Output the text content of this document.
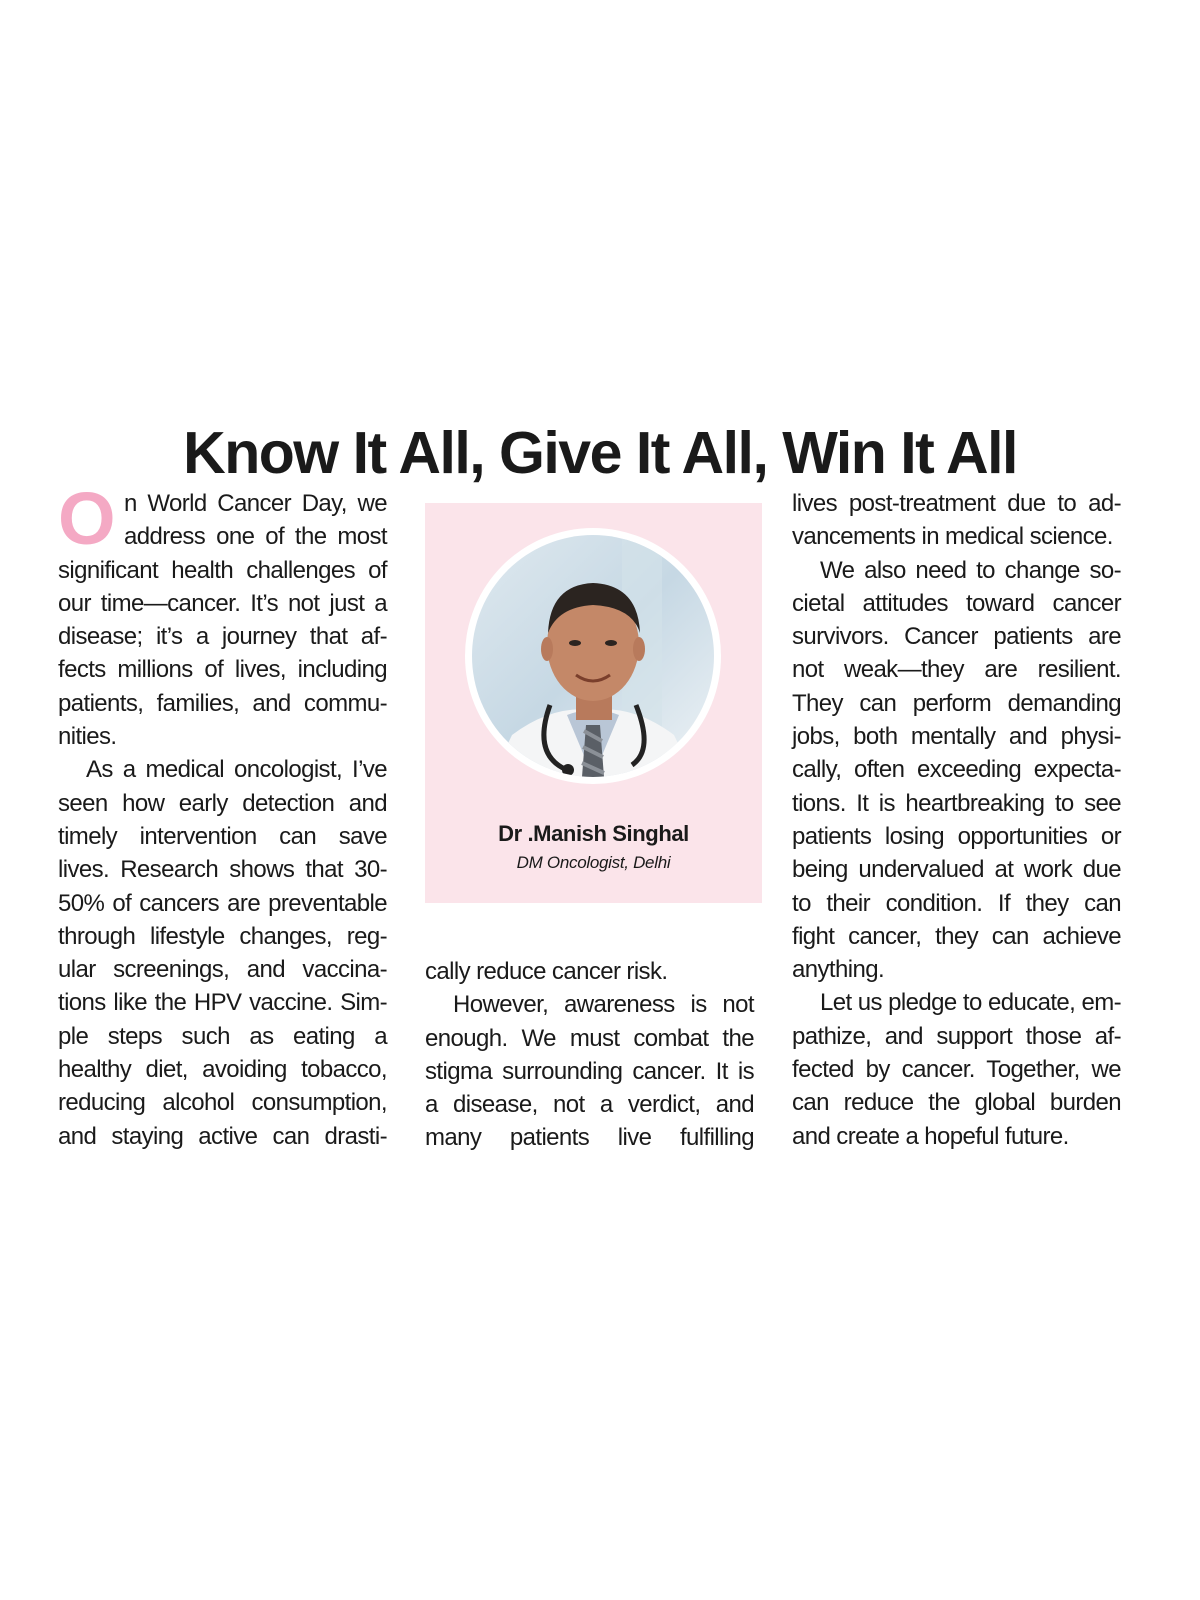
Know It All, Give It All, Win It All
O n World Cancer Day, we
address one of the most
significant health challenges of
our time—cancer. It’s not just a
disease; it’s a journey that af-
fects millions of lives, including
patients, families, and commu-
nities.
As a medical oncologist, I’ve
seen how early detection and
timely intervention can save
lives. Research shows that 30-
50% of cancers are preventable
through lifestyle changes, reg-
ular screenings, and vaccina-
tions like the HPV vaccine. Sim-
ple steps such as eating a
healthy diet, avoiding tobacco,
reducing alcohol consumption,
and staying active can drasti-
Dr .Manish Singhal
DM Oncologist, Delhi
cally reduce cancer risk.
However, awareness is not
enough. We must combat the
stigma surrounding cancer. It is
a disease, not a verdict, and
many patients live fulfilling
lives post-treatment due to ad-
vancements in medical science.
We also need to change so-
cietal attitudes toward cancer
survivors. Cancer patients are
not weak—they are resilient.
They can perform demanding
jobs, both mentally and physi-
cally, often exceeding expecta-
tions. It is heartbreaking to see
patients losing opportunities or
being undervalued at work due
to their condition. If they can
fight cancer, they can achieve
anything.
Let us pledge to educate, em-
pathize, and support those af-
fected by cancer. Together, we
can reduce the global burden
and create a hopeful future.
